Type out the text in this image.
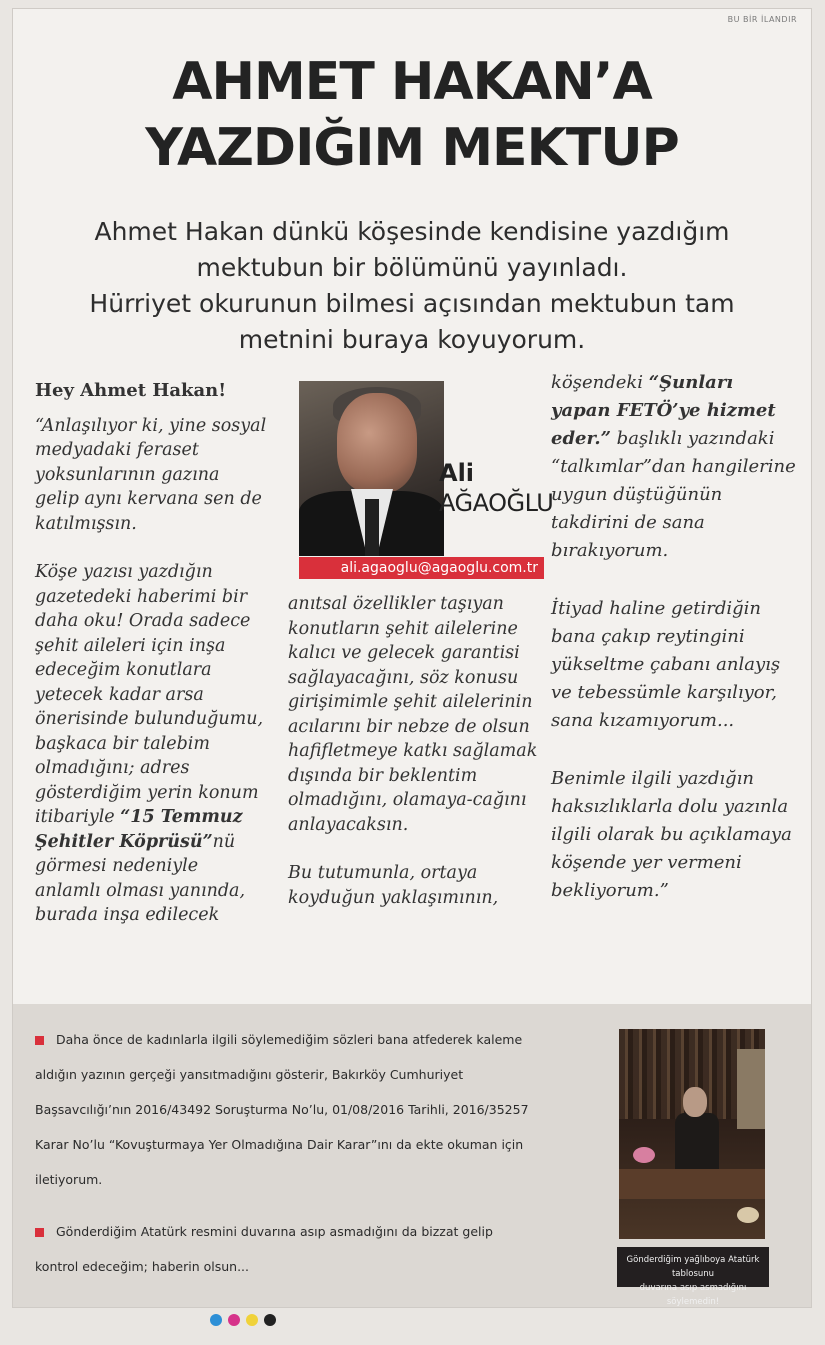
BU BİR İLANDIR
AHMET HAKAN’A
YAZDIĞIM MEKTUP
Ahmet Hakan dünkü köşesinde kendisine yazdığım
mektubun bir bölümünü yayınladı.
Hürriyet okurunun bilmesi açısından mektubun tam
metnini buraya koyuyorum.

Hey Ahmet Hakan!

“Anlaşılıyor ki, yine sosyal medyadaki feraset yoksunlarının gazına gelip aynı kervana sen de katılmışsın.

Köşe yazısı yazdığın gazetedeki haberimi bir daha oku! Orada sadece şehit aileleri için inşa edeceğim konutlara yetecek kadar arsa önerisinde bulunduğumu, başkaca bir talebim olmadığını; adres gösterdiğim yerin konum itibariyle “15 Temmuz Şehitler Köprüsü”nü görmesi nedeniyle anlamlı olması yanında, burada inşa edilecek

Ali
AĞAOĞLU
ali.agaoglu@agaoglu.com.tr

anıtsal özellikler taşıyan konutların şehit ailelerine kalıcı ve gelecek garantisi sağlayacağını, söz konusu girişimimle şehit ailelerinin acılarını bir nebze de olsun hafifletmeye katkı sağlamak dışında bir beklentim olmadığını, olamaya-cağını anlayacaksın.

Bu tutumunla, ortaya koyduğun yaklaşımının,

köşendeki “Şunları yapan FETÖ’ye hizmet eder.” başlıklı yazındaki “talkımlar”dan hangilerine uygun düştüğünün takdirini de sana bırakıyorum.

İtiyad haline getirdiğin bana çakıp reytingini yükseltme çabanı anlayış ve tebessümle karşılıyor, sana kızamıyorum...

Benimle ilgili yazdığın haksızlıklarla dolu yazınla ilgili olarak bu açıklamaya köşende yer vermeni bekliyorum.”

Daha önce de kadınlarla ilgili söylemediğim sözleri bana atfederek kaleme

aldığın yazının gerçeği yansıtmadığını gösterir, Bakırköy Cumhuriyet

Başsavcılığı’nın 2016/43492 Soruşturma No’lu, 01/08/2016 Tarihli, 2016/35257

Karar No’lu “Kovuşturmaya Yer Olmadığına Dair Karar”ını da ekte okuman için

iletiyorum.

Gönderdiğim Atatürk resmini duvarına asıp asmadığını da bizzat gelip

kontrol edeceğim; haberin olsun...	Gönderdiğim yağlıboya Atatürk tablosunu
duvarına asıp asmadığını söylemedin!
